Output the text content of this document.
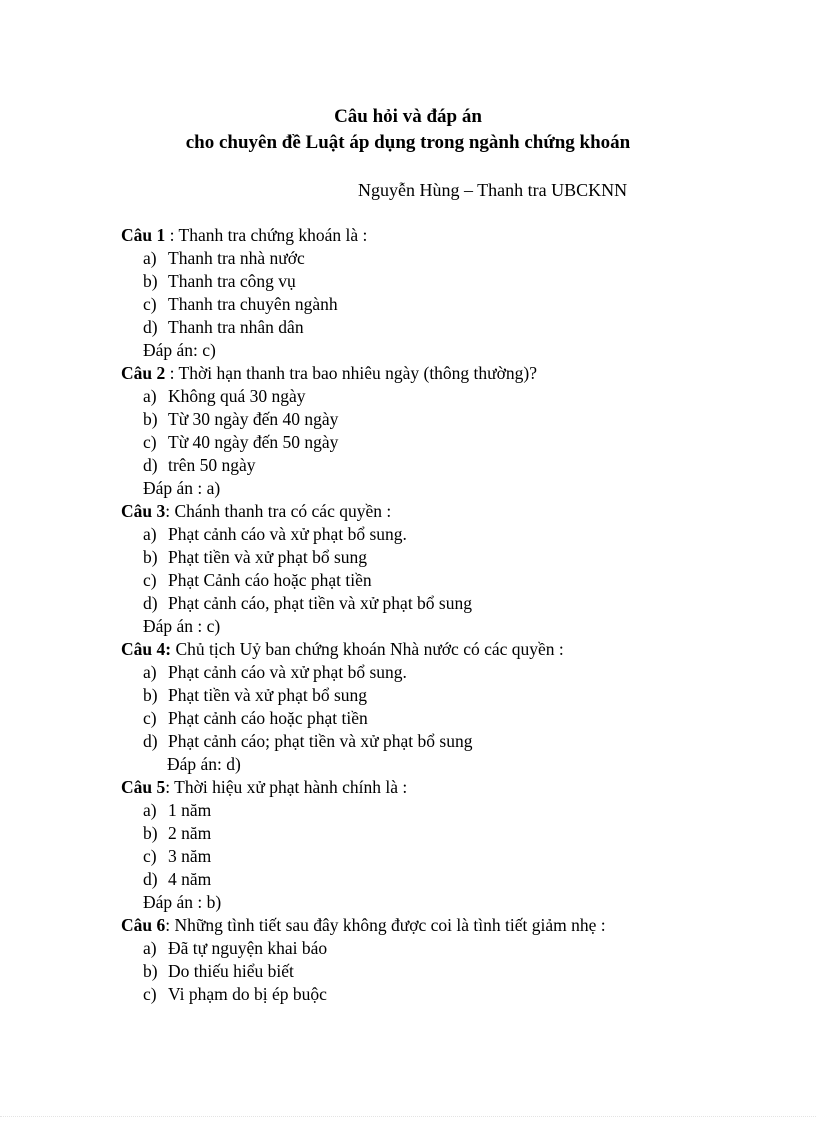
Câu hỏi và đáp án
cho chuyên đề Luật áp dụng trong ngành chứng khoán
Nguyễn Hùng – Thanh tra UBCKNN
Câu 1 : Thanh tra chứng khoán là :
a) Thanh tra nhà nước
b) Thanh tra công vụ
c) Thanh tra chuyên ngành
d) Thanh tra nhân dân
Đáp án: c)
Câu 2 : Thời hạn thanh tra bao nhiêu ngày (thông thường)?
a) Không quá 30 ngày
b) Từ 30 ngày đến 40 ngày
c) Từ 40 ngày đến 50 ngày
d) trên 50 ngày
Đáp án : a)
Câu 3: Chánh thanh tra có các quyền :
a) Phạt cảnh cáo và xử phạt bổ sung.
b) Phạt tiền và xử phạt bổ sung
c) Phạt Cảnh cáo hoặc phạt tiền
d) Phạt cảnh cáo, phạt tiền và xử phạt bổ sung
Đáp án : c)
Câu 4: Chủ tịch Uỷ ban chứng khoán Nhà nước có các quyền :
a) Phạt cảnh cáo và xử phạt bổ sung.
b) Phạt tiền và xử phạt bổ sung
c) Phạt cảnh cáo hoặc phạt tiền
d) Phạt cảnh cáo; phạt tiền và xử phạt bổ sung
Đáp án: d)
Câu 5: Thời hiệu xử phạt hành chính là :
a) 1 năm
b) 2 năm
c) 3 năm
d) 4 năm
Đáp án : b)
Câu 6: Những tình tiết sau đây không được coi là tình tiết giảm nhẹ :
a) Đã tự nguyện khai báo
b) Do thiếu hiểu biết
c) Vi phạm do bị ép buộc
